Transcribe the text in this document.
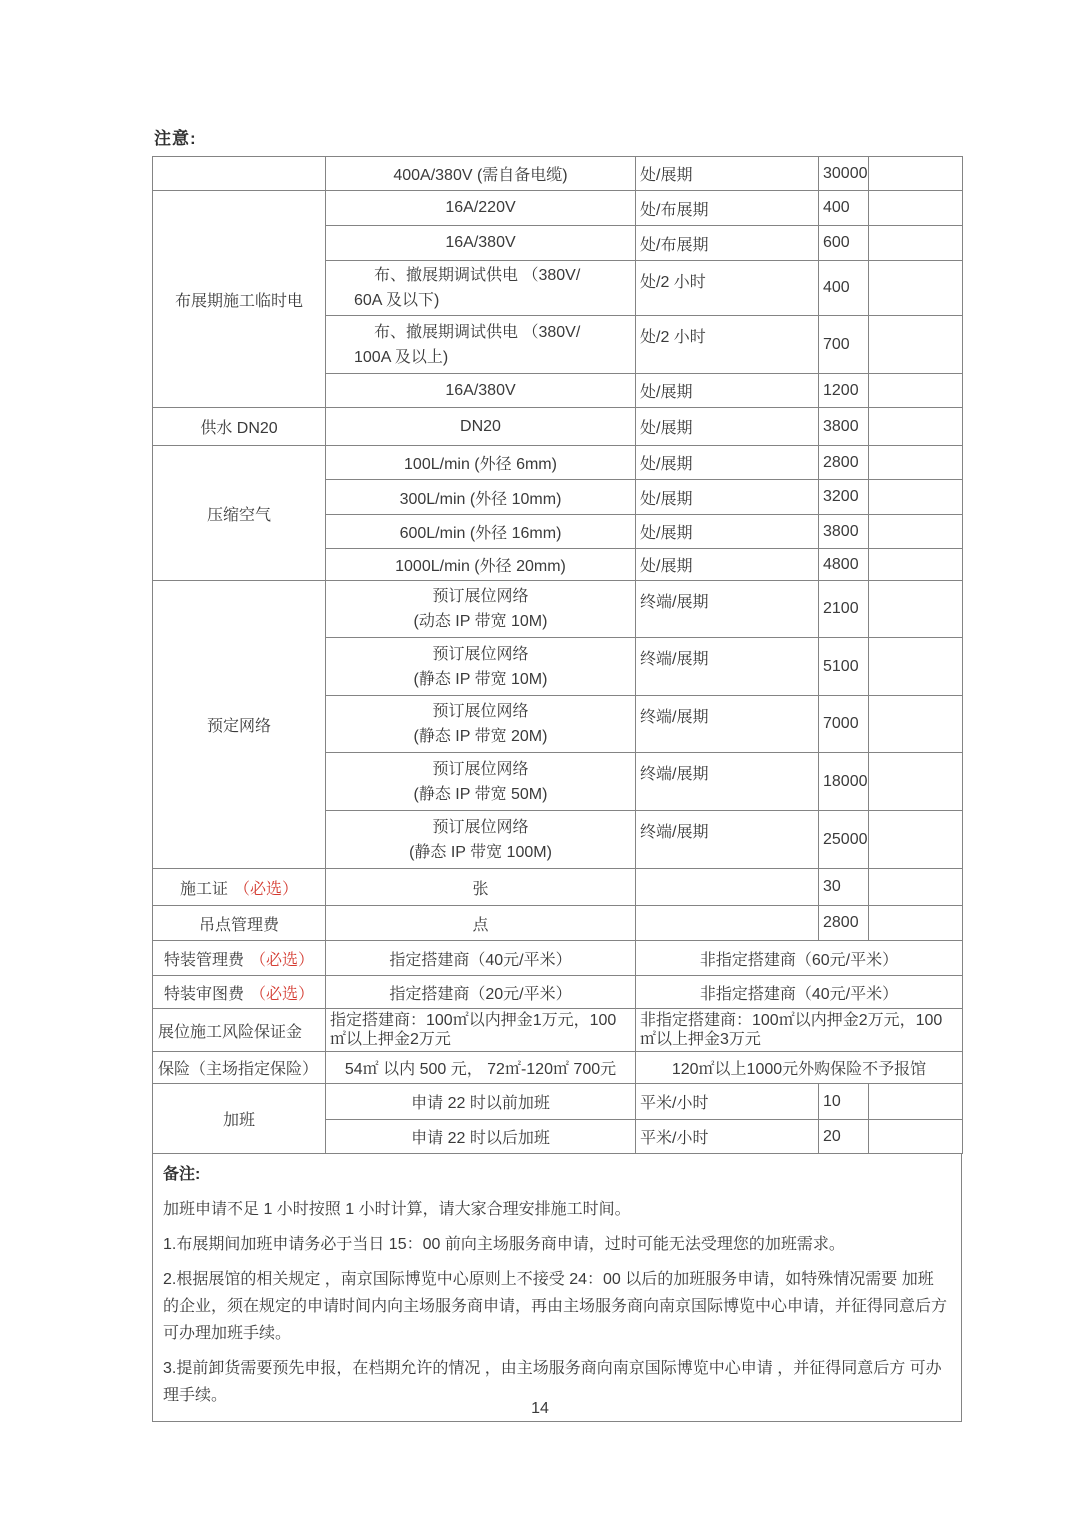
注意:
	400A/380V (需自备电缆)	处/展期	30000	
布展期施工临时电	16A/220V	处/布展期	400	
	16A/380V	处/布展期	600	

	布、撤展期调试供电 （380V/
60A 及以下)	处/2 小时	400	

	布、撤展期调试供电 （380V/
100A 及以上)	处/2 小时	700	
	16A/380V	处/展期	1200	
供水 DN20	DN20	处/展期	3800	
压缩空气	100L/min (外径 6mm)	处/展期	2800	
	300L/min (外径 10mm)	处/展期	3200	
	600L/min (外径 16mm)	处/展期	3800	
	1000L/min (外径 20mm)	处/展期	4800	
预定网络	预订展位网络
(动态 IP 带宽 10M)	终端/展期	2100	

	预订展位网络
(静态 IP 带宽 10M)	终端/展期	5100	

	预订展位网络
(静态 IP 带宽 20M)	终端/展期	7000	

	预订展位网络
(静态 IP 带宽 50M)	终端/展期	18000	

	预订展位网络
(静态 IP 带宽 100M)	终端/展期	25000	
施工证 （必选）	张		30	
吊点管理费	点		2800	
特装管理费 （必选）	指定搭建商（40元/平米）	非指定搭建商（60元/平米）		
特装审图费 （必选）	指定搭建商（20元/平米）	非指定搭建商（40元/平米）		
展位施工风险保证金	指定搭建商：100㎡以内押金1万元，100㎡以上押金2万元	非指定搭建商：100㎡以内押金2万元，100㎡以上押金3万元		
保险（主场指定保险）	54㎡ 以内 500 元， 72㎡-120㎡ 700元	120㎡以上1000元外购保险不予报馆		
加班	申请 22 时以前加班	平米/小时	10	
	申请 22 时以后加班	平米/小时	20	
备注:

加班申请不足 1 小时按照 1 小时计算，请大家合理安排施工时间。

1.布展期间加班申请务必于当日 15：00 前向主场服务商申请，过时可能无法受理您的加班需求。

2.根据展馆的相关规定 ，南京国际博览中心原则上不接受 24：00 以后的加班服务申请，如特殊情况需要 加班的企业，须在规定的申请时间内向主场服务商申请，再由主场服务商向南京国际博览中心申请，并征得同意后方可办理加班手续。

3.提前卸货需要预先申报，在档期允许的情况 ，由主场服务商向南京国际博览中心申请 ，并征得同意后方 可办理手续。

14
